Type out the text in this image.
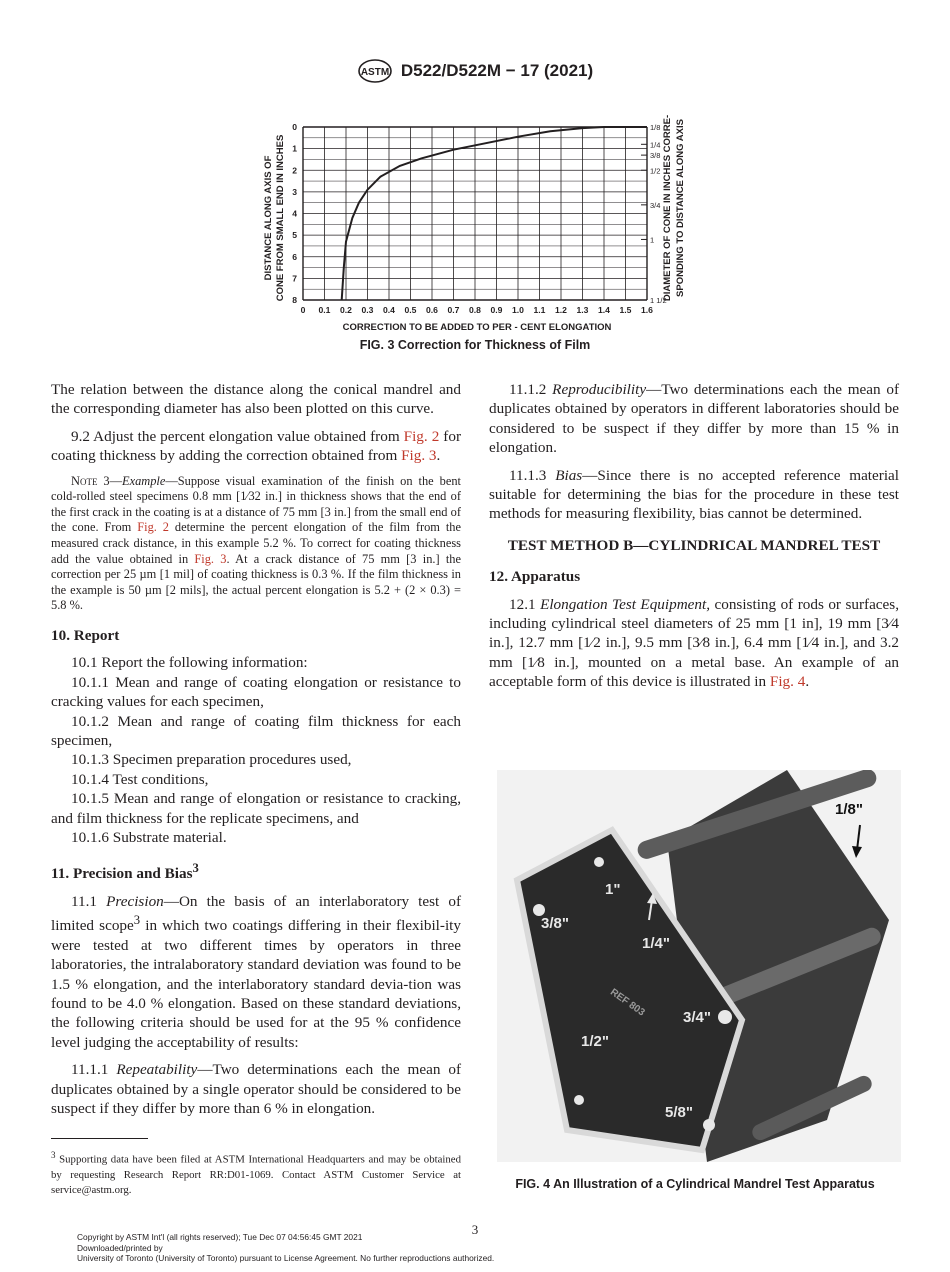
ASTM D522/D522M − 17 (2021)
0 0.1 0.2 0.3 0.4 0.5 0.6 0.7 0.8 0.9 1.0 1.1 1.2 1.3 1.4 1.5 1.6
0
1
2
3
4
5
6
7
8
1/8
1/4
3/8
1/2
3/4
1
1 1/2
DISTANCE ALONG AXIS OF CONE FROM SMALL END IN INCHES	DIAMETER OF CONE IN INCHES CORRE- SPONDING TO DISTANCE ALONG AXIS
CORRECTION TO BE ADDED TO PER - CENT ELONGATION
FIG. 3 Correction for Thickness of Film

The relation between the distance along the conical mandrel and the corresponding diameter has also been plotted on this curve.

9.2 Adjust the percent elongation value obtained from Fig. 2 for coating thickness by adding the correction obtained from Fig. 3.

Note 3—Example—Suppose visual examination of the finish on the bent cold-rolled steel specimens 0.8 mm [1⁄32 in.] in thickness shows that the end of the first crack in the coating is at a distance of 75 mm [3 in.] from the small end of the cone. From Fig. 2 determine the percent elongation of the film from the measured crack distance, in this example 5.2 %. To correct for coating thickness add the value obtained in Fig. 3. At a crack distance of 75 mm [3 in.] the correction per 25 µm [1 mil] of coating thickness is 0.3 %. If the film thickness in the example is 50 µm [2 mils], the actual percent elongation is 5.2 + (2 × 0.3) = 5.8 %.
10. Report

10.1 Report the following information:

10.1.1 Mean and range of coating elongation or resistance to cracking values for each specimen,

10.1.2 Mean and range of coating film thickness for each specimen,

10.1.3 Specimen preparation procedures used,

10.1.4 Test conditions,

10.1.5 Mean and range of elongation or resistance to cracking, and film thickness for the replicate specimens, and

10.1.6 Substrate material.

11. Precision and Bias$^3$

11.1 Precision—On the basis of an interlaboratory test of limited scope$^3$ in which two coatings differing in their flexibil-ity were tested at two different times by operators in three laboratories, the intralaboratory standard deviation was found to be 1.5 % elongation, and the interlaboratory standard devia-tion was found to be 4.0 % elongation. Based on these standard deviations, the following criteria should be used for at the 95 % confidence level judging the acceptability of results:

11.1.1 Repeatability—Two determinations each the mean of duplicates obtained by a single operator should be considered to be suspect if they differ by more than 6 % in elongation.

11.1.2 Reproducibility—Two determinations each the mean of duplicates obtained by operators in different laboratories should be considered to be suspect if they differ by more than 15 % in elongation.

11.1.3 Bias—Since there is no accepted reference material suitable for determining the bias for the procedure in these test methods for measuring flexibility, bias cannot be determined.

TEST METHOD B—CYLINDRICAL MANDREL TEST
12. Apparatus

12.1 Elongation Test Equipment, consisting of rods or surfaces, including cylindrical steel diameters of 25 mm [1 in], 19 mm [3⁄4 in.], 12.7 mm [1⁄2 in.], 9.5 mm [3⁄8 in.], 6.4 mm [1⁄4 in.], and 3.2 mm [1⁄8 in.], mounted on a metal base. An example of an acceptable form of this device is illustrated in Fig. 4.

1/8"
1"
3/8"
1/4"
REF 803 3/4"
1/2"
5/8"
FIG. 4 An Illustration of a Cylindrical Mandrel Test Apparatus
$^3$ Supporting data have been filed at ASTM International Headquarters and may be obtained by requesting Research Report RR:D01-1069. Contact ASTM Customer Service at service@astm.org.
3
Copyright by ASTM Int'l (all rights reserved); Tue Dec 07 04:56:45 GMT 2021
Downloaded/printed by
University of Toronto (University of Toronto) pursuant to License Agreement. No further reproductions authorized.
